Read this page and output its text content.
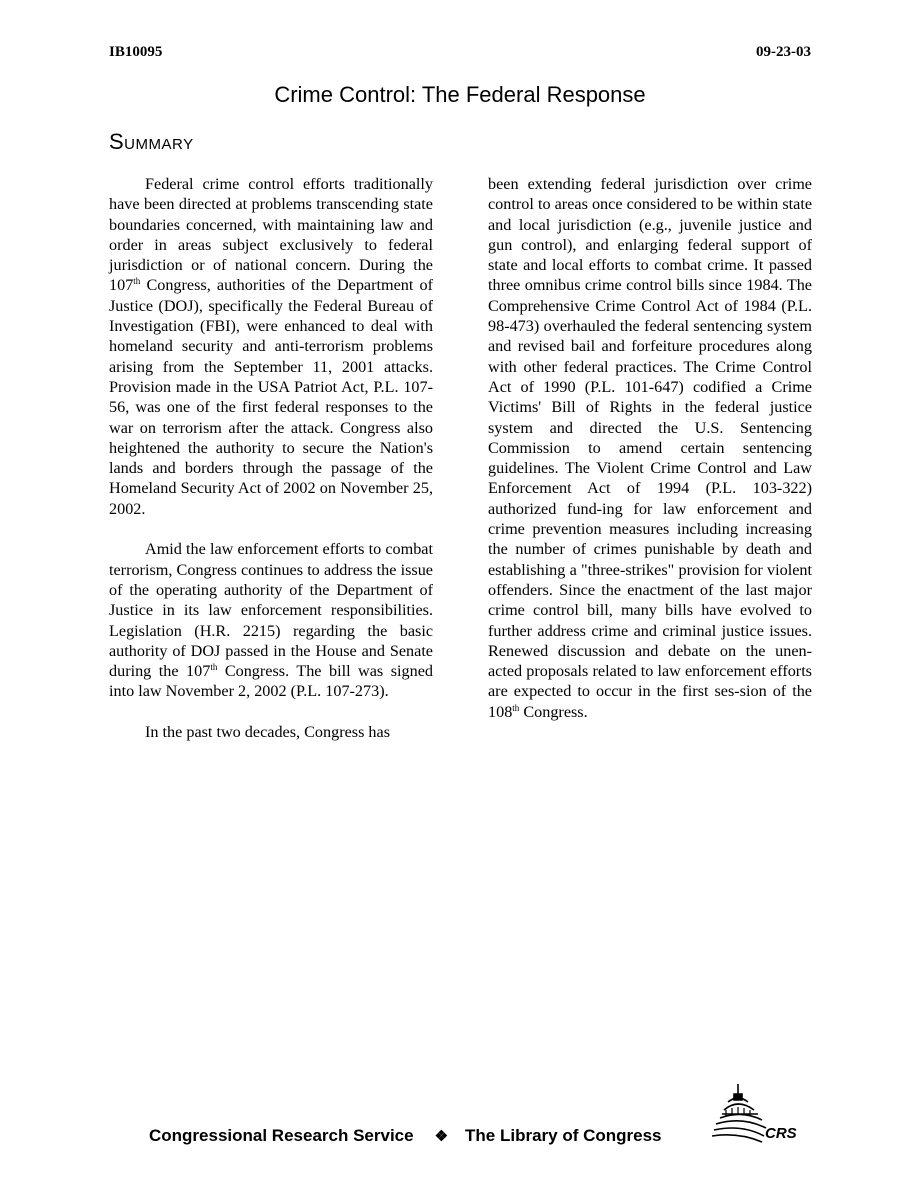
IB10095	09-23-03
Crime Control: The Federal Response
Summary

Federal crime control efforts traditionally have been directed at problems transcending state boundaries concerned, with maintaining law and order in areas subject exclusively to federal jurisdiction or of national concern. During the 107th Congress, authorities of the Department of Justice (DOJ), specifically the Federal Bureau of Investigation (FBI), were enhanced to deal with homeland security and anti-terrorism problems arising from the September 11, 2001 attacks. Provision made in the USA Patriot Act, P.L. 107-56, was one of the first federal responses to the war on terrorism after the attack. Congress also heightened the authority to secure the Nation's lands and borders through the passage of the Homeland Security Act of 2002 on November 25, 2002.

Amid the law enforcement efforts to combat terrorism, Congress continues to address the issue of the operating authority of the Department of Justice in its law enforcement responsibilities. Legislation (H.R. 2215) regarding the basic authority of DOJ passed in the House and Senate during the 107th Congress. The bill was signed into law November 2, 2002 (P.L. 107-273).

In the past two decades, Congress has

been extending federal jurisdiction over crime control to areas once considered to be within state and local jurisdiction (e.g., juvenile justice and gun control), and enlarging federal support of state and local efforts to combat crime. It passed three omnibus crime control bills since 1984. The Comprehensive Crime Control Act of 1984 (P.L. 98-473) overhauled the federal sentencing system and revised bail and forfeiture procedures along with other federal practices. The Crime Control Act of 1990 (P.L. 101-647) codified a Crime Victims' Bill of Rights in the federal justice system and directed the U.S. Sentencing Commission to amend certain sentencing guidelines. The Violent Crime Control and Law Enforcement Act of 1994 (P.L. 103-322) authorized fund-ing for law enforcement and crime prevention measures including increasing the number of crimes punishable by death and establishing a "three-strikes" provision for violent offenders. Since the enactment of the last major crime control bill, many bills have evolved to further address crime and criminal justice issues. Renewed discussion and debate on the unen-acted proposals related to law enforcement efforts are expected to occur in the first ses-sion of the 108th Congress.

Congressional Research Service ❖ The Library of Congress	CRS
